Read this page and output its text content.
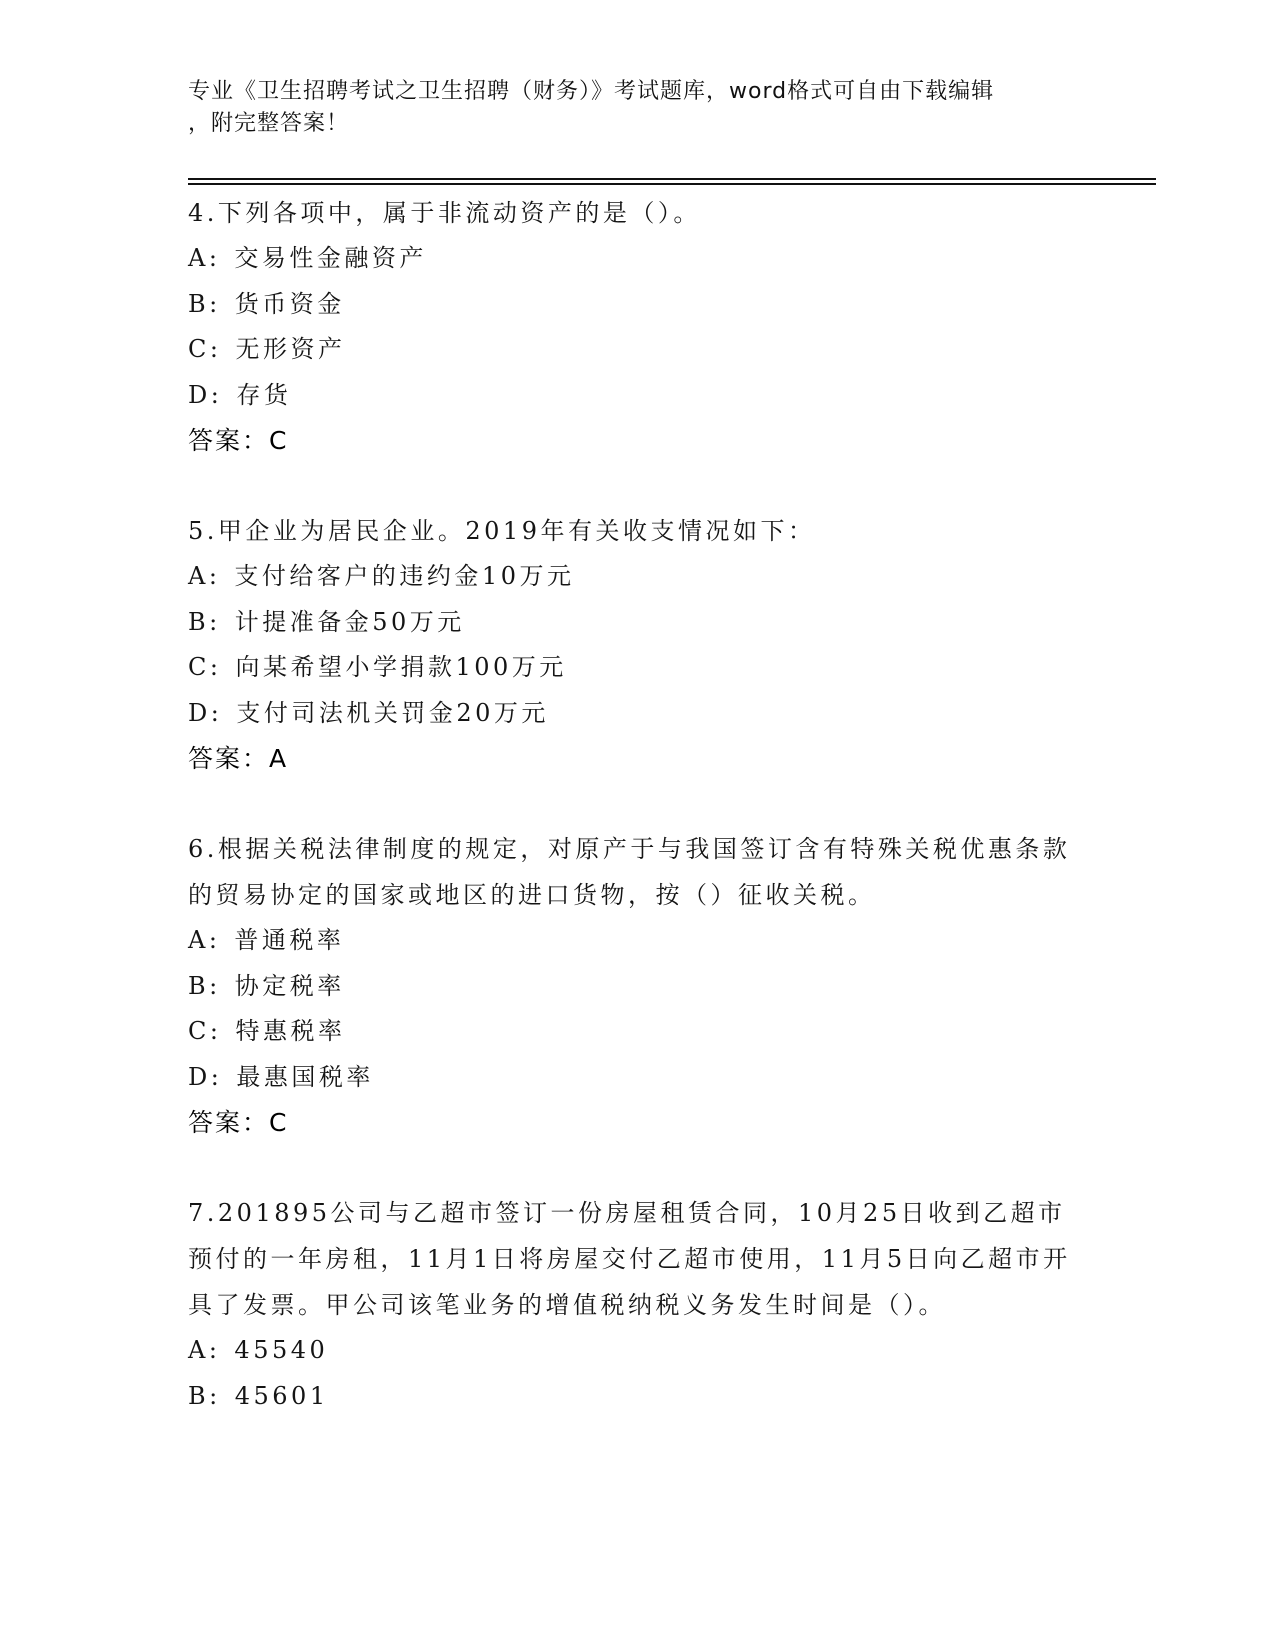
专业《卫生招聘考试之卫生招聘（财务）》考试题库，word格式可自由下载编辑
，附完整答案！

4.下列各项中，属于非流动资产的是（）。

A: 交易性金融资产

B: 货币资金

C: 无形资产

D: 存货

答案：C

5.甲企业为居民企业。2019年有关收支情况如下：

A: 支付给客户的违约金10万元

B: 计提准备金50万元

C: 向某希望小学捐款100万元

D: 支付司法机关罚金20万元

答案：A

6.根据关税法律制度的规定，对原产于与我国签订含有特殊关税优惠条款的贸易协定的国家或地区的进口货物，按（）征收关税。

A: 普通税率

B: 协定税率

C: 特惠税率

D: 最惠国税率

答案：C

7.201895公司与乙超市签订一份房屋租赁合同，10月25日收到乙超市预付的一年房租，11月1日将房屋交付乙超市使用，11月5日向乙超市开具了发票。甲公司该笔业务的增值税纳税义务发生时间是（）。

A: 45540

B: 45601
